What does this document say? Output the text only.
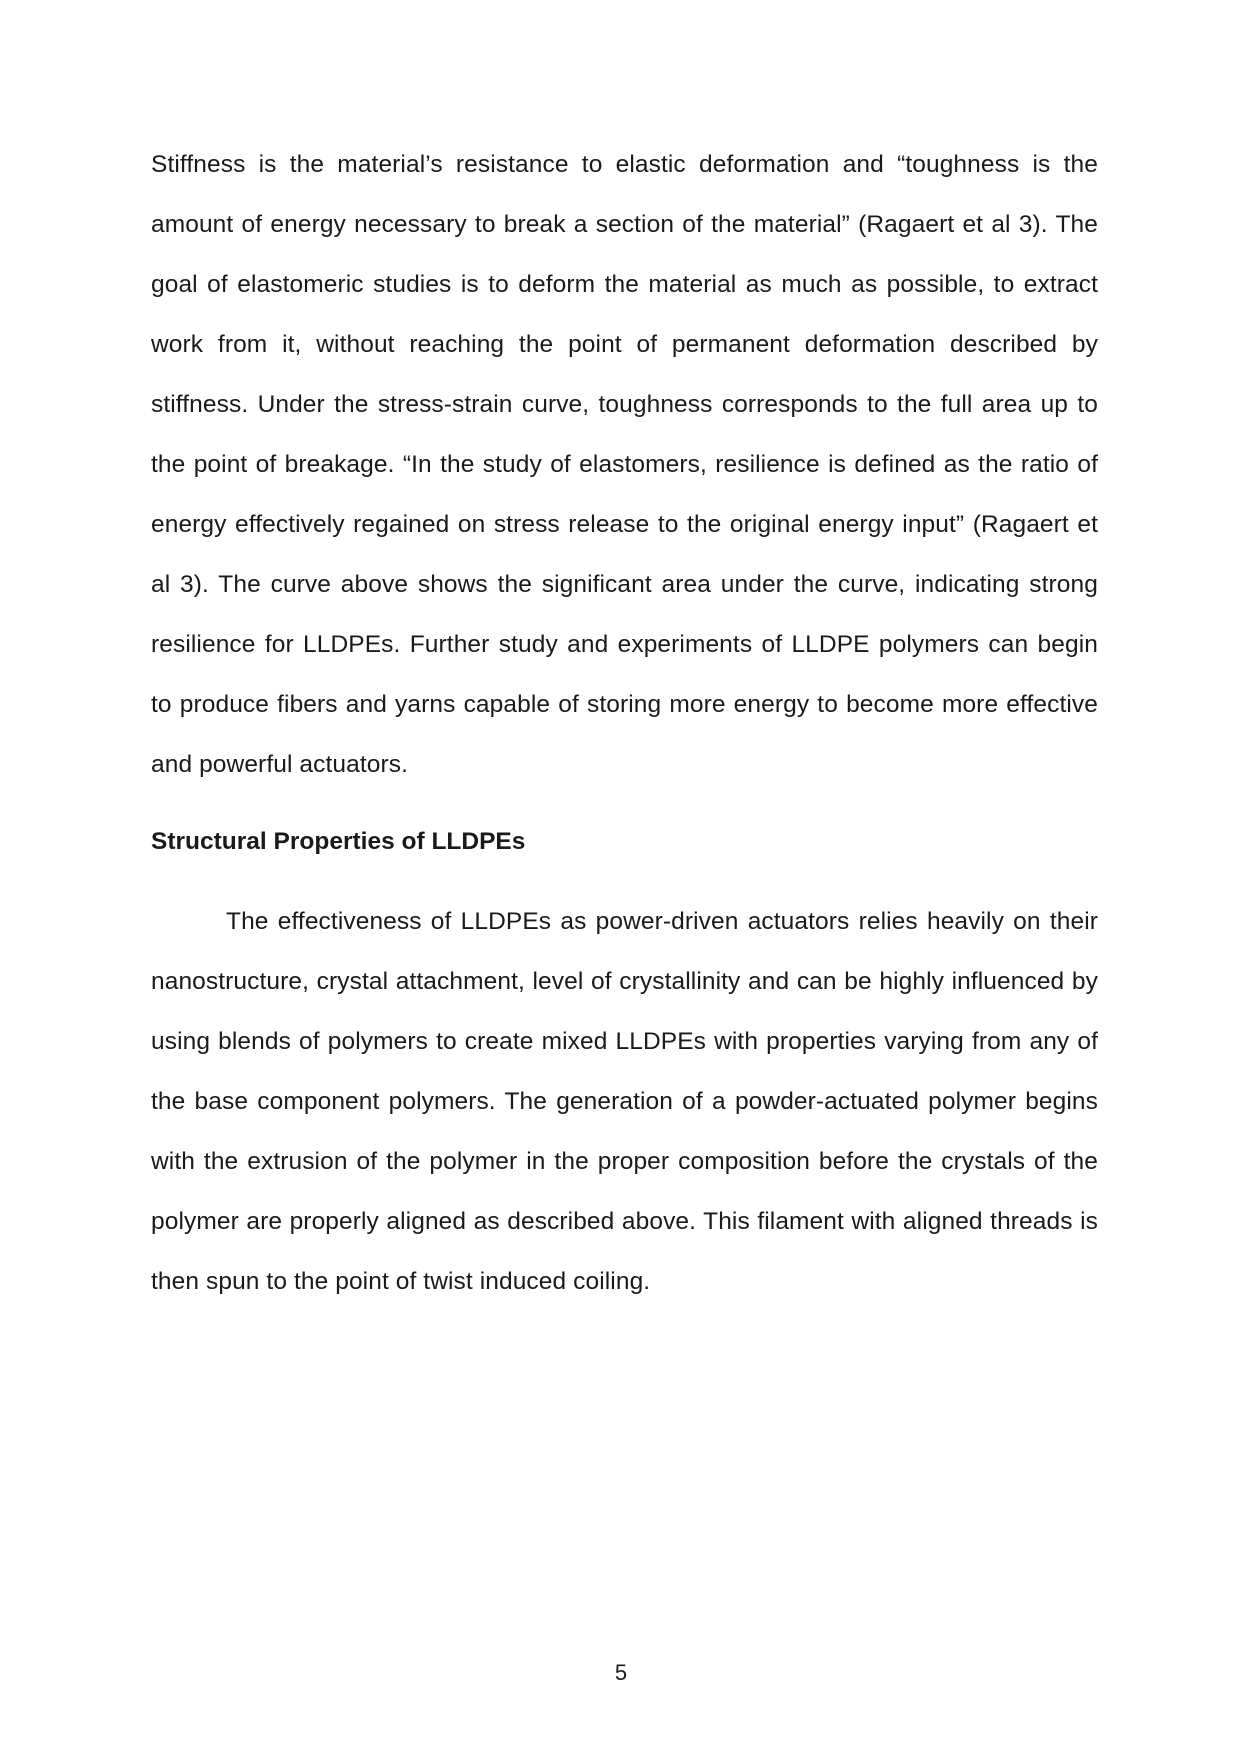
Stiffness is the material’s resistance to elastic deformation and “toughness is the amount of energy necessary to break a section of the material” (Ragaert et al 3). The goal of elastomeric studies is to deform the material as much as possible, to extract work from it, without reaching the point of permanent deformation described by stiffness. Under the stress-strain curve, toughness corresponds to the full area up to the point of breakage. “In the study of elastomers, resilience is defined as the ratio of energy effectively regained on stress release to the original energy input” (Ragaert et al 3). The curve above shows the significant area under the curve, indicating strong resilience for LLDPEs. Further study and experiments of LLDPE polymers can begin to produce fibers and yarns capable of storing more energy to become more effective and powerful actuators.

Structural Properties of LLDPEs

The effectiveness of LLDPEs as power-driven actuators relies heavily on their nanostructure, crystal attachment, level of crystallinity and can be highly influenced by using blends of polymers to create mixed LLDPEs with properties varying from any of the base component polymers. The generation of a powder-actuated polymer begins with the extrusion of the polymer in the proper composition before the crystals of the polymer are properly aligned as described above. This filament with aligned threads is then spun to the point of twist induced coiling.

5
